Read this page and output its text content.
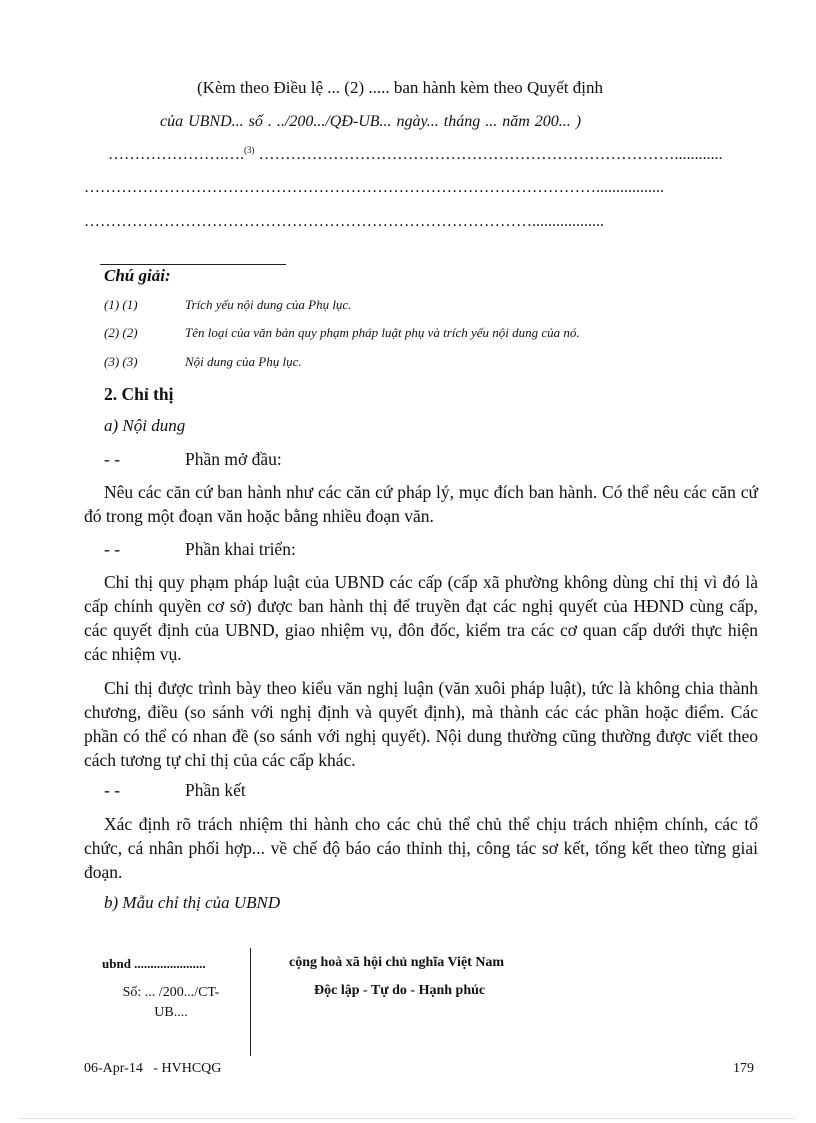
(Kèm theo Điều lệ ... (2) ..... ban hành kèm theo Quyết định
của UBND... số . ../200.../QĐ-UB... ngày... tháng ... năm 200... )
………………….….$^{(3)}$ ……………………………………………………………………............
…………………………………………………………………………………….................
…………………………………………………………………………..................
Chú giải:
(1) (1)	Trích yếu nội dung của Phụ lục.
(2) (2)	Tên loại của văn bản quy phạm pháp luật phụ và trích yếu nội dung của nó.
(3) (3)	Nội dung của Phụ lục.
2. Chỉ thị
a) Nội dung
- -	Phần mở đầu:
Nêu các căn cứ ban hành như các căn cứ pháp lý, mục đích ban hành. Có thể nêu các căn cứ đó trong một đoạn văn hoặc bằng nhiều đoạn văn.
- -	Phần khai triển:
Chỉ thị quy phạm pháp luật của UBND các cấp (cấp xã phường không dùng chỉ thị vì đó là cấp chính quyền cơ sở) được ban hành thị để truyền đạt các nghị quyết của HĐND cùng cấp, các quyết định của UBND, giao nhiệm vụ, đôn đốc, kiểm tra các cơ quan cấp dưới thực hiện các nhiệm vụ.
Chỉ thị được trình bày theo kiểu văn nghị luận (văn xuôi pháp luật), tức là không chia thành chương, điều (so sánh với nghị định và quyết định), mà thành các các phần hoặc điểm. Các phần có thể có nhan đề (so sánh với nghị quyết). Nội dung thường cũng thường được viết theo cách tương tự chỉ thị của các cấp khác.
- -	Phần kết
Xác định rõ trách nhiệm thi hành cho các chủ thể chủ thể chịu trách nhiệm chính, các tổ chức, cá nhân phối hợp... về chế độ báo cáo thỉnh thị, công tác sơ kết, tổng kết theo từng giai đoạn.
b) Mẫu chỉ thị của UBND
ubnd ......................
Số: ... /200.../CT-
UB....
cộng hoà xã hội chủ nghĩa Việt Nam
Độc lập - Tự do - Hạnh phúc
06-Apr-14 - HVHCQG	179
